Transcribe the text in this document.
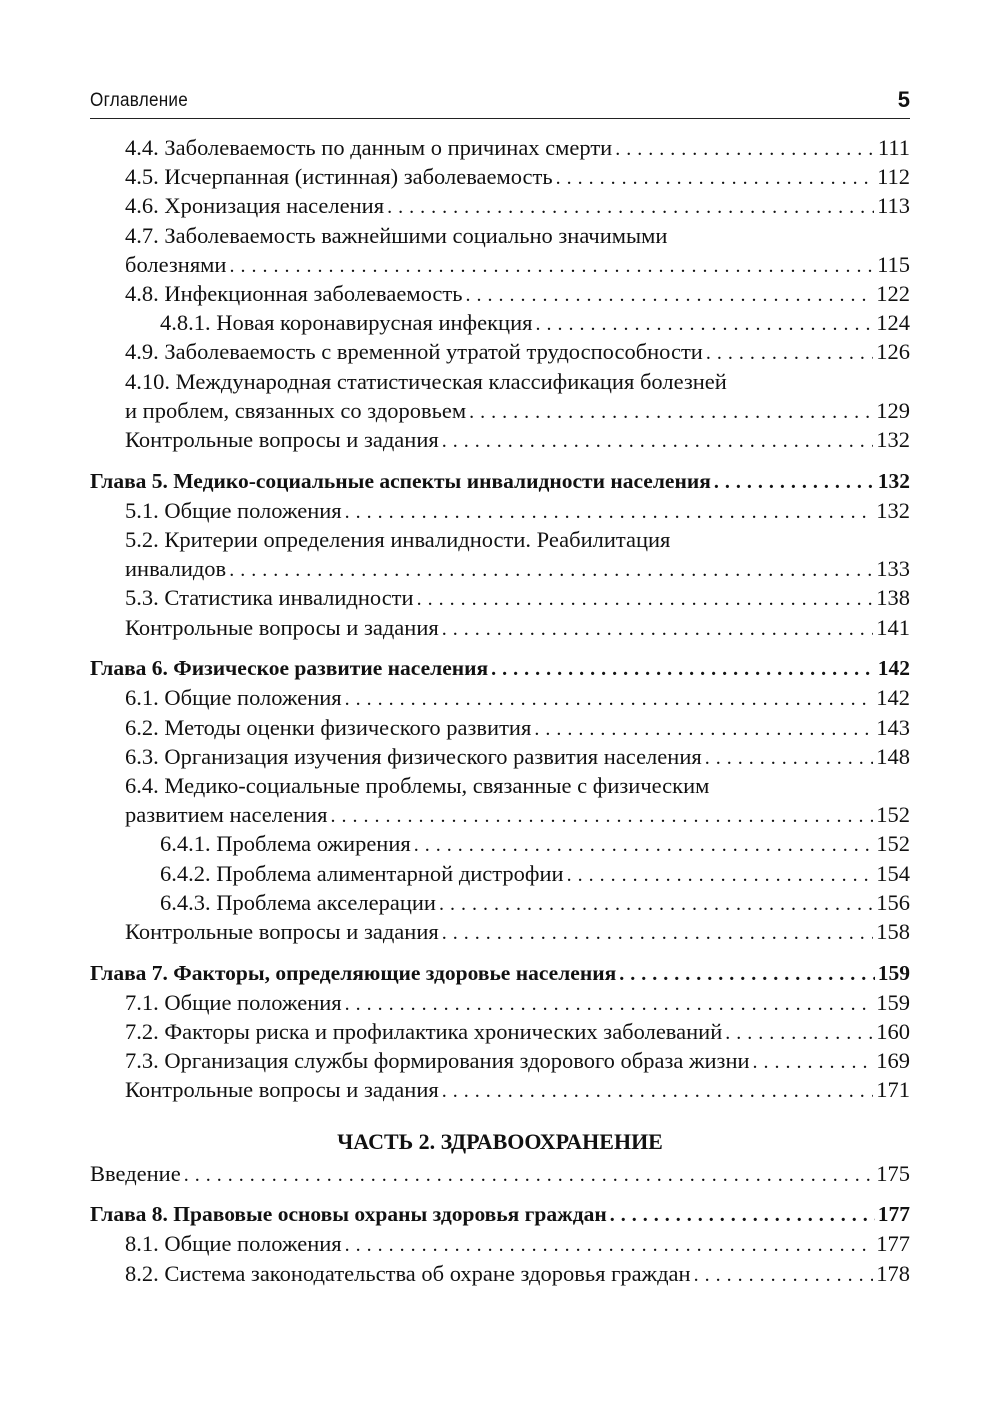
Оглавление	5
4.4. Заболеваемость по данным о причинах смерти . . .	111
4.5. Исчерпанная (истинная) заболеваемость . . .	112
4.6. Хронизация населения . . .	113
4.7. Заболеваемость важнейшими социально значимыми
болезнями . . .	115
4.8. Инфекционная заболеваемость . . .	122
4.8.1. Новая коронавирусная инфекция . . .	124
4.9. Заболеваемость с временной утратой трудоспособности . . .	126
4.10. Международная статистическая классификация болезней
и проблем, связанных со здоровьем . . .	129
Контрольные вопросы и задания . . .	132
Глава 5. Медико-социальные аспекты инвалидности населения . . .	132
5.1. Общие положения . . .	132
5.2. Критерии определения инвалидности. Реабилитация
инвалидов . . .	133
5.3. Статистика инвалидности . . .	138
Контрольные вопросы и задания . . .	141
Глава 6. Физическое развитие населения . . .	142
6.1. Общие положения . . .	142
6.2. Методы оценки физического развития . . .	143
6.3. Организация изучения физического развития населения . . .	148
6.4. Медико-социальные проблемы, связанные с физическим
развитием населения . . .	152
6.4.1. Проблема ожирения . . .	152
6.4.2. Проблема алиментарной дистрофии . . .	154
6.4.3. Проблема акселерации . . .	156
Контрольные вопросы и задания . . .	158
Глава 7. Факторы, определяющие здоровье населения . . .	159
7.1. Общие положения . . .	159
7.2. Факторы риска и профилактика хронических заболеваний . . .	160
7.3. Организация службы формирования здорового образа жизни . . .	169
Контрольные вопросы и задания . . .	171
ЧАСТЬ 2. ЗДРАВООХРАНЕНИЕ
Введение . . .	175
Глава 8. Правовые основы охраны здоровья граждан . . .	177
8.1. Общие положения . . .	177
8.2. Система законодательства об охране здоровья граждан . . .	178
